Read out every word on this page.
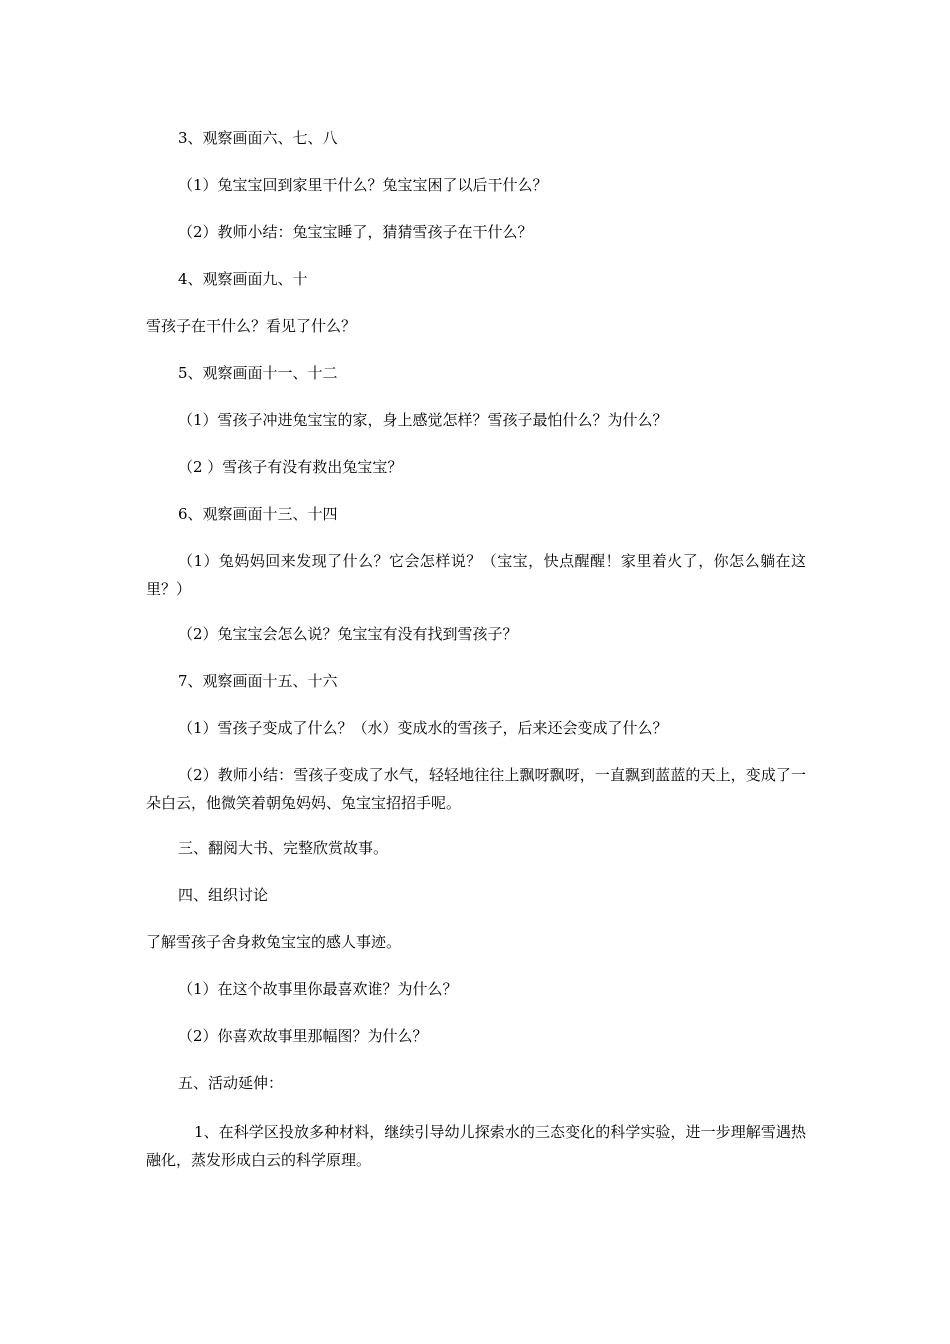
3、观察画面六、七、八

（1）兔宝宝回到家里干什么？兔宝宝困了以后干什么？

（2）教师小结：兔宝宝睡了，猜猜雪孩子在干什么？

4、观察画面九、十

雪孩子在干什么？看见了什么？

5、观察画面十一、十二

（1）雪孩子冲进兔宝宝的家，身上感觉怎样？雪孩子最怕什么？为什么？

（2 ）雪孩子有没有救出兔宝宝？

6、观察画面十三、十四

（1）兔妈妈回来发现了什么？它会怎样说？（宝宝，快点醒醒！家里着火了，你怎么躺在这里？）

（2）兔宝宝会怎么说？兔宝宝有没有找到雪孩子？

7、观察画面十五、十六

（1）雪孩子变成了什么？（水）变成水的雪孩子，后来还会变成了什么？

（2）教师小结：雪孩子变成了水气，轻轻地往往上飘呀飘呀，一直飘到蓝蓝的天上，变成了一朵白云，他微笑着朝兔妈妈、兔宝宝招招手呢。

三、翻阅大书、完整欣赏故事。

四、组织讨论

了解雪孩子舍身救兔宝宝的感人事迹。

（1）在这个故事里你最喜欢谁？为什么？

（2）你喜欢故事里那幅图？为什么？

五、活动延伸：

1、在科学区投放多种材料，继续引导幼儿探索水的三态变化的科学实验，进一步理解雪遇热融化，蒸发形成白云的科学原理。
